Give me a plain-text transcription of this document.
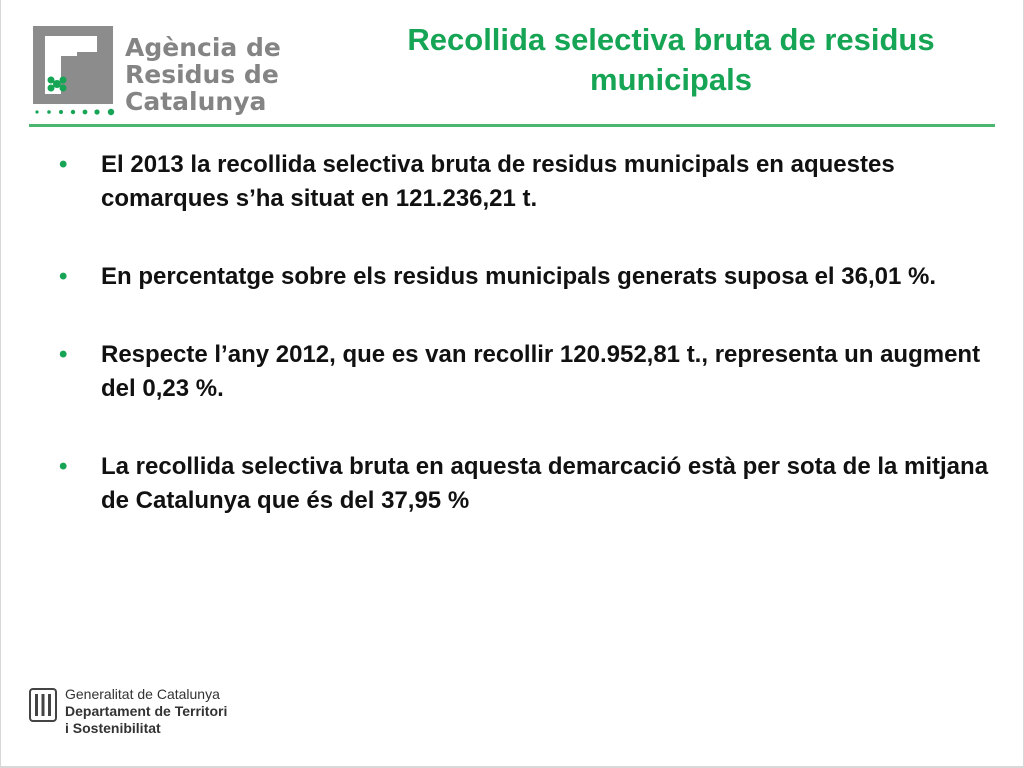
Agència de
Residus de
Catalunya
Recollida selectiva bruta de residus municipals
• El 2013 la recollida selectiva bruta de residus municipals en aquestes comarques s’ha situat en 121.236,21 t.
• En percentatge sobre els residus municipals generats suposa el 36,01 %.
• Respecte l’any 2012, que es van recollir 120.952,81 t., representa un augment del 0,23 %.
• La recollida selectiva bruta en aquesta demarcació està per sota de la mitjana de Catalunya que és del 37,95 %
Generalitat de Catalunya
Departament de Territori
i Sostenibilitat
